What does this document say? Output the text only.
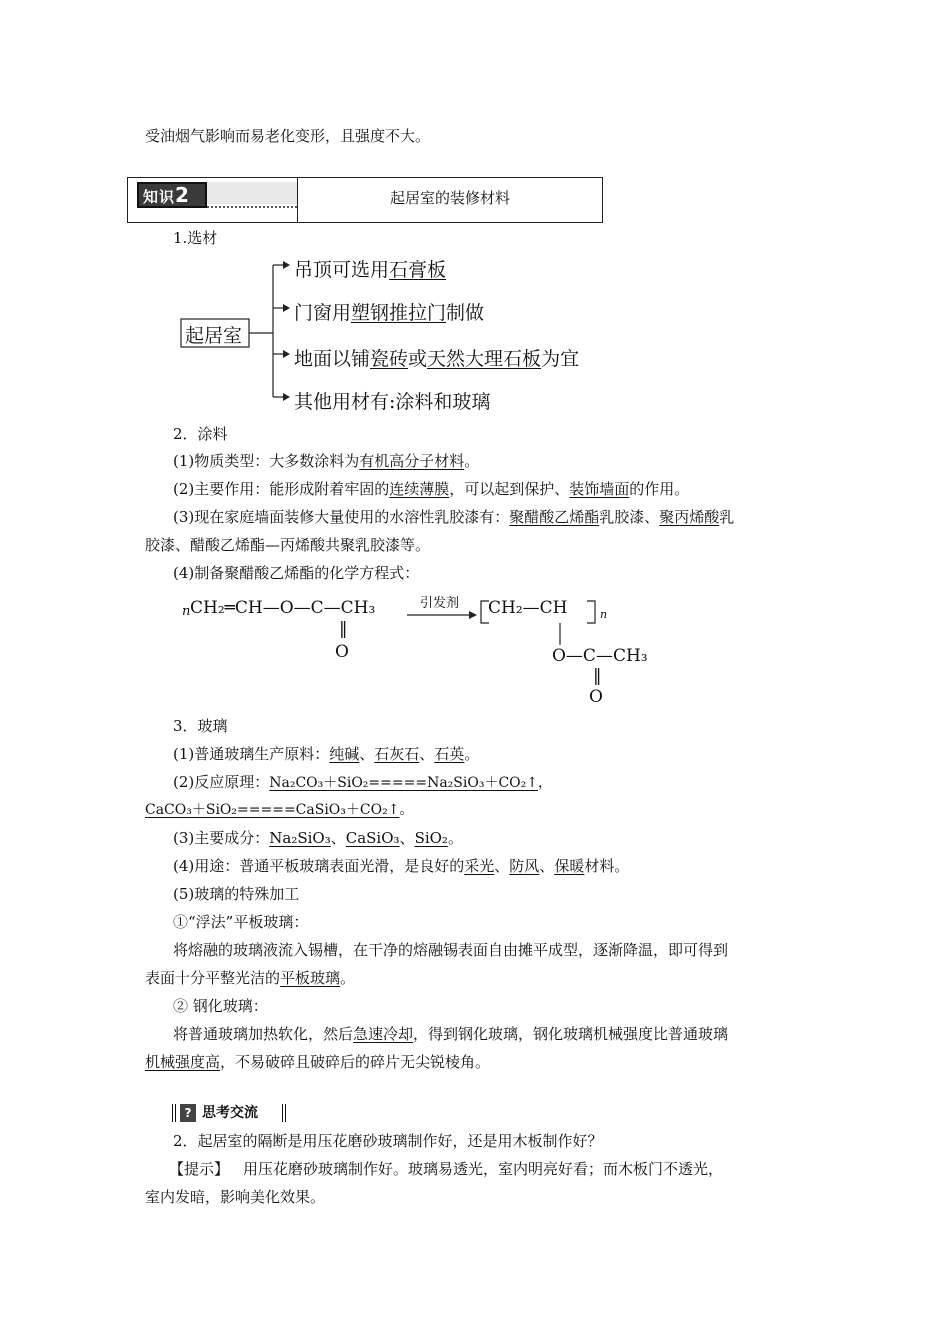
受油烟气影响而易老化变形，且强度不大。
知识2	起居室的装修材料
1.选材
起居室
吊顶可选用石膏板
门窗用塑钢推拉门制做
地面以铺瓷砖或天然大理石板为宜
其他用材有:涂料和玻璃
2．涂料
(1)物质类型：大多数涂料为有机高分子材料。
(2)主要作用：能形成附着牢固的连续薄膜，可以起到保护、装饰墙面的作用。
(3)现在家庭墙面装修大量使用的水溶性乳胶漆有：聚醋酸乙烯酯乳胶漆、聚丙烯酸乳
胶漆、醋酸乙烯酯—丙烯酸共聚乳胶漆等。
(4)制备聚醋酸乙烯酯的化学方程式：
n CH₂═CH—O—C—CH₃
‖
O
引发剂 CH₂—CH	n
O—C—CH₃
‖
O
3．玻璃
(1)普通玻璃生产原料：纯碱、石灰石、石英。
(2)反应原理：Na₂CO₃＋SiO₂=====Na₂SiO₃＋CO₂↑，
CaCO₃＋SiO₂=====CaSiO₃＋CO₂↑。
(3)主要成分：Na₂SiO₃、CaSiO₃、SiO₂。
(4)用途：普通平板玻璃表面光滑，是良好的采光、防风、保暖材料。
(5)玻璃的特殊加工
①“浮法”平板玻璃：
将熔融的玻璃液流入锡槽，在干净的熔融锡表面自由摊平成型，逐渐降温，即可得到
表面十分平整光洁的平板玻璃。
② 钢化玻璃：
将普通玻璃加热软化，然后急速冷却，得到钢化玻璃，钢化玻璃机械强度比普通玻璃
机械强度高，不易破碎且破碎后的碎片无尖锐棱角。
? 思考交流
2．起居室的隔断是用压花磨砂玻璃制作好，还是用木板制作好？
【提示】 用压花磨砂玻璃制作好。玻璃易透光，室内明亮好看；而木板门不透光，
室内发暗，影响美化效果。
